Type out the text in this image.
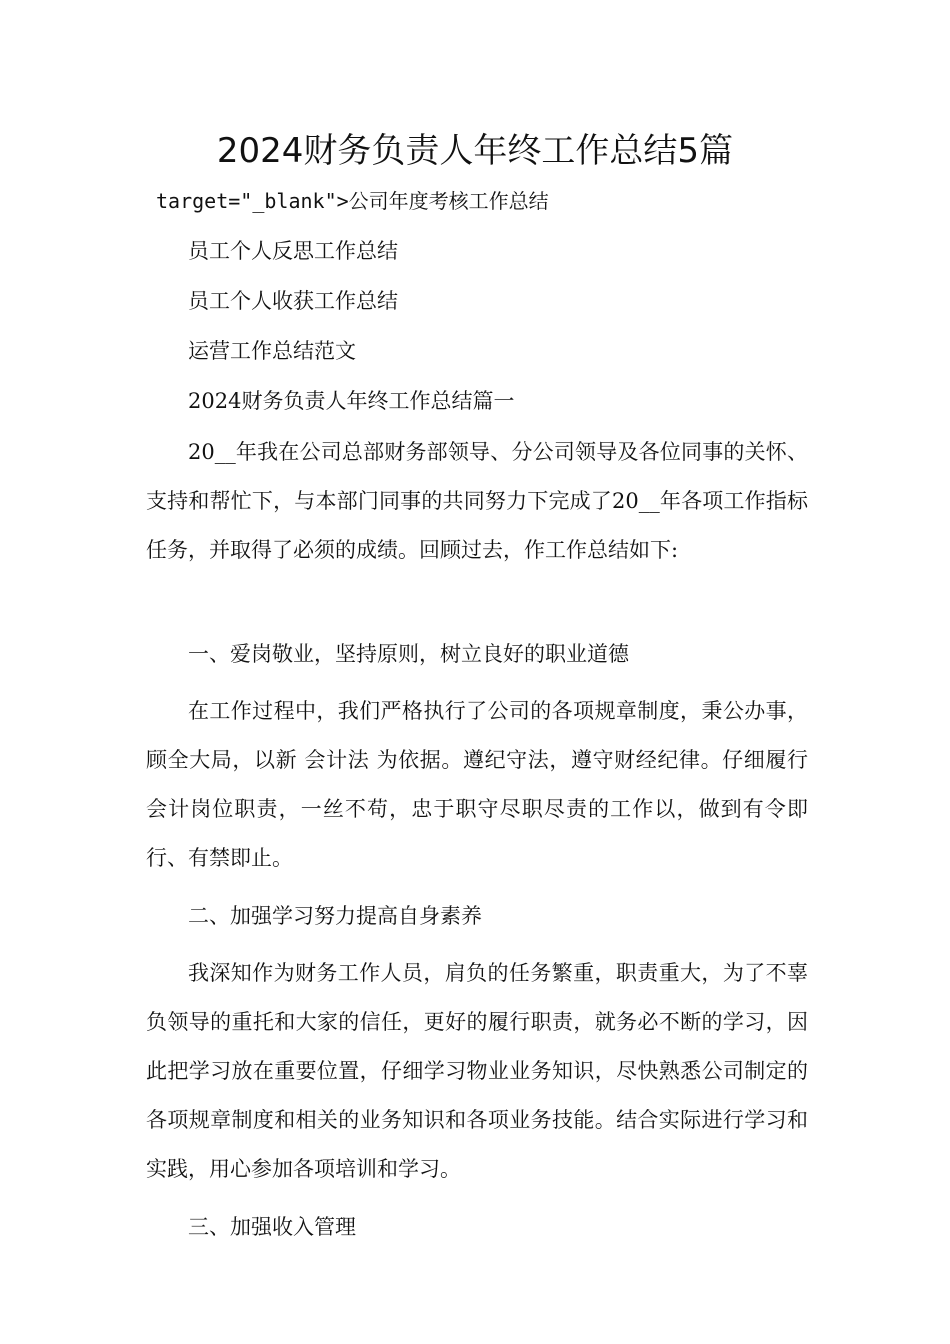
2024财务负责人年终工作总结5篇

target="_blank">公司年度考核工作总结

员工个人反思工作总结

员工个人收获工作总结

运营工作总结范文

2024财务负责人年终工作总结篇一

20__年我在公司总部财务部领导、分公司领导及各位同事的关怀、支持和帮忙下，与本部门同事的共同努力下完成了20__年各项工作指标任务，并取得了必须的成绩。回顾过去，作工作总结如下:

一、爱岗敬业，坚持原则，树立良好的职业道德

在工作过程中，我们严格执行了公司的各项规章制度，秉公办事，顾全大局，以新 会计法 为依据。遵纪守法，遵守财经纪律。仔细履行会计岗位职责，一丝不苟，忠于职守尽职尽责的工作以，做到有令即行、有禁即止。

二、加强学习努力提高自身素养

我深知作为财务工作人员，肩负的任务繁重，职责重大，为了不辜负领导的重托和大家的信任，更好的履行职责，就务必不断的学习，因此把学习放在重要位置，仔细学习物业业务知识，尽快熟悉公司制定的各项规章制度和相关的业务知识和各项业务技能。结合实际进行学习和实践，用心参加各项培训和学习。

三、加强收入管理
